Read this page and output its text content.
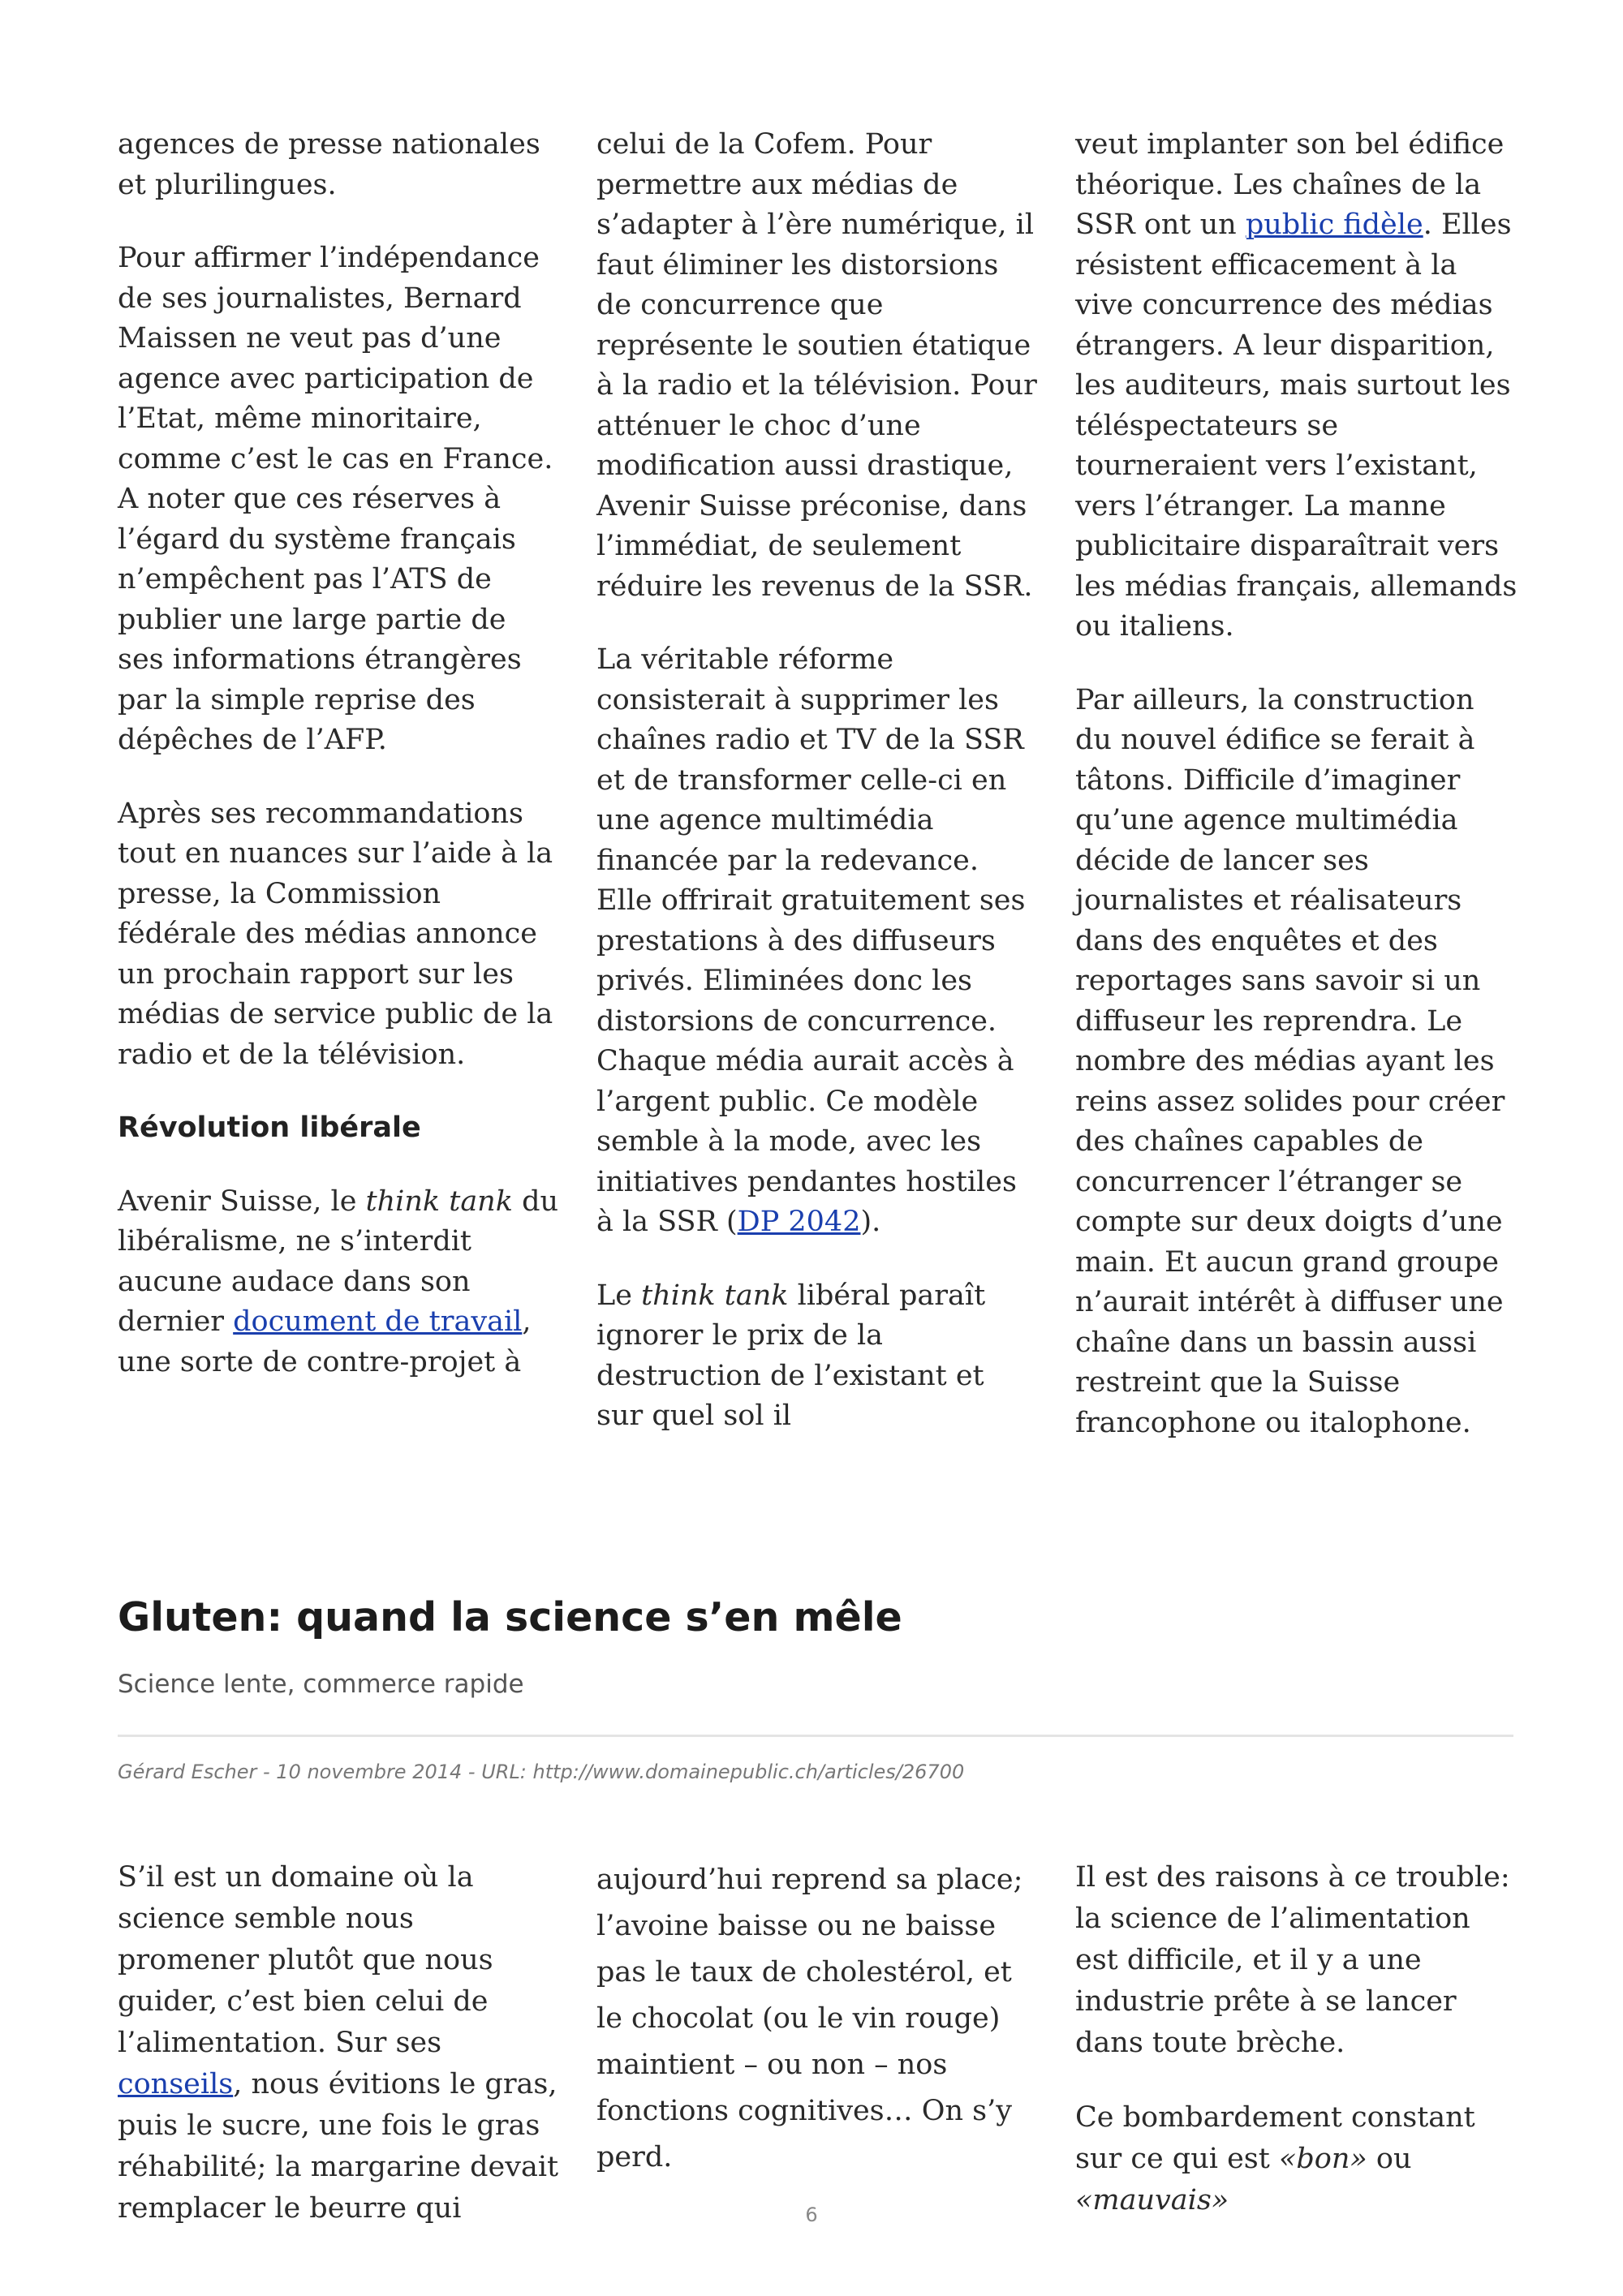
agences de presse nationales et plurilingues.

Pour affirmer l’indépendance de ses journalistes, Bernard Maissen ne veut pas d’une agence avec participation de l’Etat, même minoritaire, comme c’est le cas en France. A noter que ces réserves à l’égard du système français n’empêchent pas l’ATS de publier une large partie de ses informations étrangères par la simple reprise des dépêches de l’AFP.

Après ses recommandations tout en nuances sur l’aide à la presse, la Commission fédérale des médias annonce un prochain rapport sur les médias de service public de la radio et de la télévision.

Révolution libérale

Avenir Suisse, le think tank du libéralisme, ne s’interdit aucune audace dans son dernier document de travail, une sorte de contre-projet à

celui de la Cofem. Pour permettre aux médias de s’adapter à l’ère numérique, il faut éliminer les distorsions de concurrence que représente le soutien étatique à la radio et la télévision. Pour atténuer le choc d’une modification aussi drastique, Avenir Suisse préconise, dans l’immédiat, de seulement réduire les revenus de la SSR.

La véritable réforme consisterait à supprimer les chaînes radio et TV de la SSR et de transformer celle-ci en une agence multimédia financée par la redevance. Elle offrirait gratuitement ses prestations à des diffuseurs privés. Eliminées donc les distorsions de concurrence. Chaque média aurait accès à l’argent public. Ce modèle semble à la mode, avec les initiatives pendantes hostiles à la SSR (DP 2042).

Le think tank libéral paraît ignorer le prix de la destruction de l’existant et sur quel sol il

veut implanter son bel édifice théorique. Les chaînes de la SSR ont un public fidèle. Elles résistent efficacement à la vive concurrence des médias étrangers. A leur disparition, les auditeurs, mais surtout les téléspectateurs se tourneraient vers l’existant, vers l’étranger. La manne publicitaire disparaîtrait vers les médias français, allemands ou italiens.

Par ailleurs, la construction du nouvel édifice se ferait à tâtons. Difficile d’imaginer qu’une agence multimédia décide de lancer ses journalistes et réalisateurs dans des enquêtes et des reportages sans savoir si un diffuseur les reprendra. Le nombre des médias ayant les reins assez solides pour créer des chaînes capables de concurrencer l’étranger se compte sur deux doigts d’une main. Et aucun grand groupe n’aurait intérêt à diffuser une chaîne dans un bassin aussi restreint que la Suisse francophone ou italophone.

Gluten: quand la science s’en mêle

Science lente, commerce rapide

Gérard Escher - 10 novembre 2014 - URL: http://www.domainepublic.ch/articles/26700

S’il est un domaine où la science semble nous promener plutôt que nous guider, c’est bien celui de l’alimentation. Sur ses conseils, nous évitions le gras, puis le sucre, une fois le gras réhabilité; la margarine devait remplacer le beurre qui

aujourd’hui reprend sa place; l’avoine baisse ou ne baisse pas le taux de cholestérol, et le chocolat (ou le vin rouge) maintient – ou non – nos fonctions cognitives… On s’y perd.

Il est des raisons à ce trouble: la science de l’alimentation est difficile, et il y a une industrie prête à se lancer dans toute brèche.

Ce bombardement constant sur ce qui est «bon» ou «mauvais»

6
